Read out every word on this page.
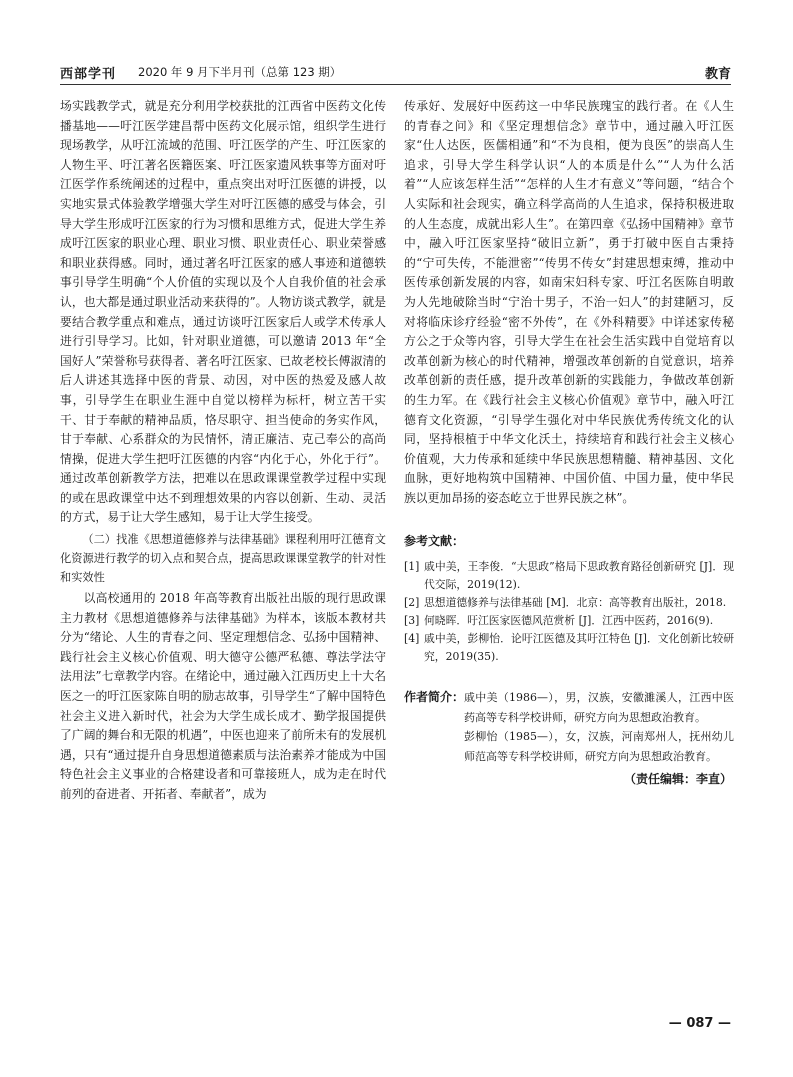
西部学刊 2020 年 9 月下半月刊（总第 123 期）	教育

场实践教学式，就是充分利用学校获批的江西省中医药文化传播基地——吁江医学建昌帮中医药文化展示馆，组织学生进行现场教学，从吁江流域的范围、吁江医学的产生、吁江医家的人物生平、吁江著名医籍医案、吁江医家遗风轶事等方面对吁江医学作系统阐述的过程中，重点突出对吁江医德的讲授，以实地实景式体验教学增强大学生对吁江医德的感受与体会，引导大学生形成吁江医家的行为习惯和思维方式，促进大学生养成吁江医家的职业心理、职业习惯、职业责任心、职业荣誉感和职业获得感。同时，通过著名吁江医家的感人事迹和道德轶事引导学生明确“个人价值的实现以及个人自我价值的社会承认，也大都是通过职业活动来获得的”。人物访谈式教学，就是要结合教学重点和难点，通过访谈吁江医家后人或学术传承人进行引导学习。比如，针对职业道德，可以邀请 2013 年“全国好人”荣誉称号获得者、著名吁江医家、已故老校长傅淑清的后人讲述其选择中医的背景、动因，对中医的热爱及感人故事，引导学生在职业生涯中自觉以榜样为标杆，树立苦干实干、甘于奉献的精神品质，恪尽职守、担当使命的务实作风，甘于奉献、心系群众的为民情怀，清正廉洁、克己奉公的高尚情操，促进大学生把吁江医德的内容“内化于心，外化于行”。通过改革创新教学方法，把难以在思政课课堂教学过程中实现的或在思政课堂中达不到理想效果的内容以创新、生动、灵活的方式，易于让大学生感知，易于让大学生接受。

（二）找准《思想道德修养与法律基础》课程利用吁江德育文化资源进行教学的切入点和契合点，提高思政课课堂教学的针对性和实效性

以高校通用的 2018 年高等教育出版社出版的现行思政课主力教材《思想道德修养与法律基础》为样本，该版本教材共分为“绪论、人生的青春之问、坚定理想信念、弘扬中国精神、践行社会主义核心价值观、明大德守公德严私德、尊法学法守法用法”七章教学内容。在绪论中，通过融入江西历史上十大名医之一的吁江医家陈自明的励志故事，引导学生“了解中国特色社会主义进入新时代，社会为大学生成长成才、勤学报国提供了广阔的舞台和无限的机遇”，中医也迎来了前所未有的发展机遇，只有“通过提升自身思想道德素质与法治素养才能成为中国特色社会主义事业的合格建设者和可靠接班人，成为走在时代前列的奋进者、开拓者、奉献者”，成为

传承好、发展好中医药这一中华民族瑰宝的践行者。在《人生的青春之问》和《坚定理想信念》章节中，通过融入吁江医家“仕人达医，医儒相通”和“不为良相，便为良医”的崇高人生追求，引导大学生科学认识“人的本质是什么”“人为什么活着”“人应该怎样生活”“怎样的人生才有意义”等问题，“结合个人实际和社会现实，确立科学高尚的人生追求，保持积极进取的人生态度，成就出彩人生”。在第四章《弘扬中国精神》章节中，融入吁江医家坚持“破旧立新”，勇于打破中医自古秉持的“宁可失传，不能泄密”“传男不传女”封建思想束缚，推动中医传承创新发展的内容，如南宋妇科专家、吁江名医陈自明敢为人先地破除当时“宁治十男子，不治一妇人”的封建陋习，反对将临床诊疗经验“密不外传”，在《外科精要》中详述家传秘方公之于众等内容，引导大学生在社会生活实践中自觉培育以改革创新为核心的时代精神，增强改革创新的自觉意识，培养改革创新的责任感，提升改革创新的实践能力，争做改革创新的生力军。在《践行社会主义核心价值观》章节中，融入吁江德育文化资源，“引导学生强化对中华民族优秀传统文化的认同，坚持根植于中华文化沃土，持续培育和践行社会主义核心价值观，大力传承和延续中华民族思想精髓、精神基因、文化血脉，更好地构筑中国精神、中国价值、中国力量，使中华民族以更加昂扬的姿态屹立于世界民族之林”。

参考文献：
[1] 戚中美，王李俊．“大思政”格局下思政教育路径创新研究 [J]．现代交际，2019(12).
[2] 思想道德修养与法律基础 [M]．北京：高等教育出版社，2018.
[3] 何晓晖．吁江医家医德风范赏析 [J]．江西中医药，2016(9).
[4] 戚中美，彭柳怡．论吁江医德及其吁江特色 [J]．文化创新比较研究，2019(35).
作者简介： 戚中美（1986—），男，汉族，安徽濉溪人，江西中医药高等专科学校讲师，研究方向为思想政治教育。

彭柳怡（1985—），女，汉族，河南郑州人，抚州幼儿师范高等专科学校讲师，研究方向为思想政治教育。

（责任编辑：李直）
— 087 —
